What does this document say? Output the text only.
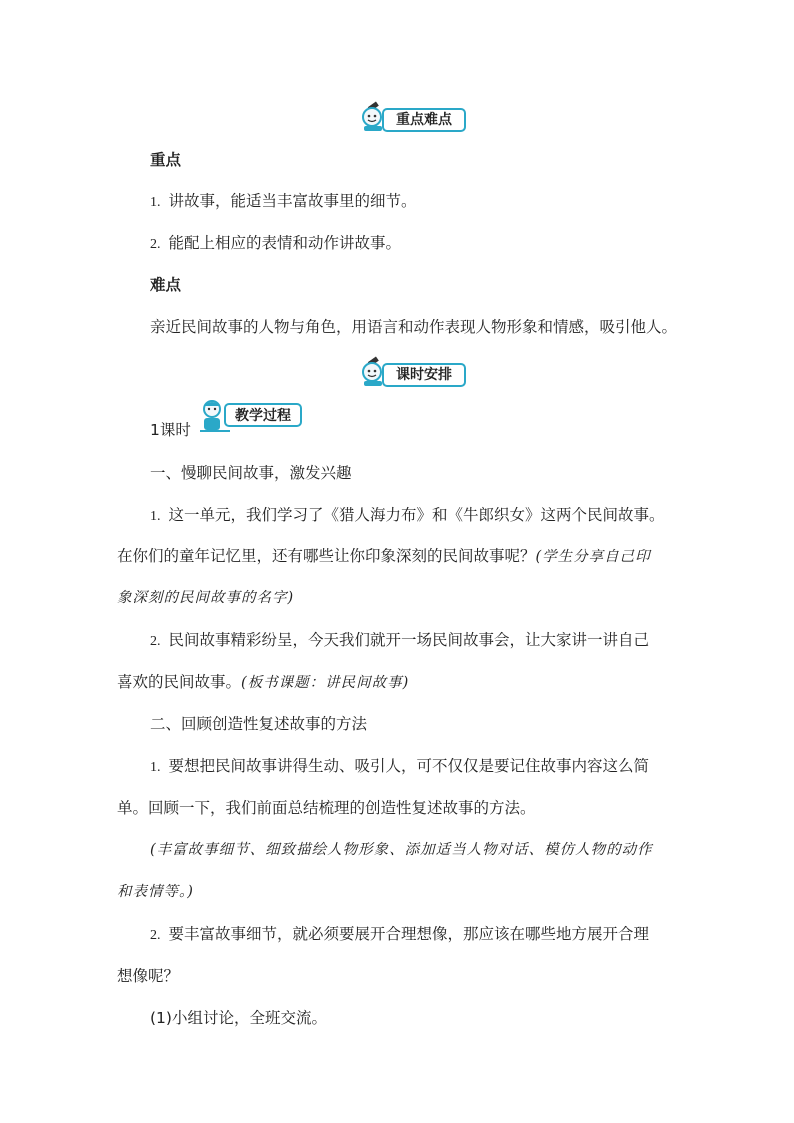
重点难点
重点
1. 讲故事，能适当丰富故事里的细节。
2. 能配上相应的表情和动作讲故事。
难点
亲近民间故事的人物与角色，用语言和动作表现人物形象和情感，吸引他人。
课时安排
1课时
教学过程
一、慢聊民间故事，激发兴趣
1. 这一单元，我们学习了《猎人海力布》和《牛郎织女》这两个民间故事。
在你们的童年记忆里，还有哪些让你印象深刻的民间故事呢？(学生分享自己印
象深刻的民间故事的名字)
2. 民间故事精彩纷呈，今天我们就开一场民间故事会，让大家讲一讲自己
喜欢的民间故事。(板书课题：讲民间故事)
二、回顾创造性复述故事的方法
1. 要想把民间故事讲得生动、吸引人，可不仅仅是要记住故事内容这么简
单。回顾一下，我们前面总结梳理的创造性复述故事的方法。
(丰富故事细节、细致描绘人物形象、添加适当人物对话、模仿人物的动作
和表情等。)
2. 要丰富故事细节，就必须要展开合理想像，那应该在哪些地方展开合理
想像呢？
(1)小组讨论，全班交流。
